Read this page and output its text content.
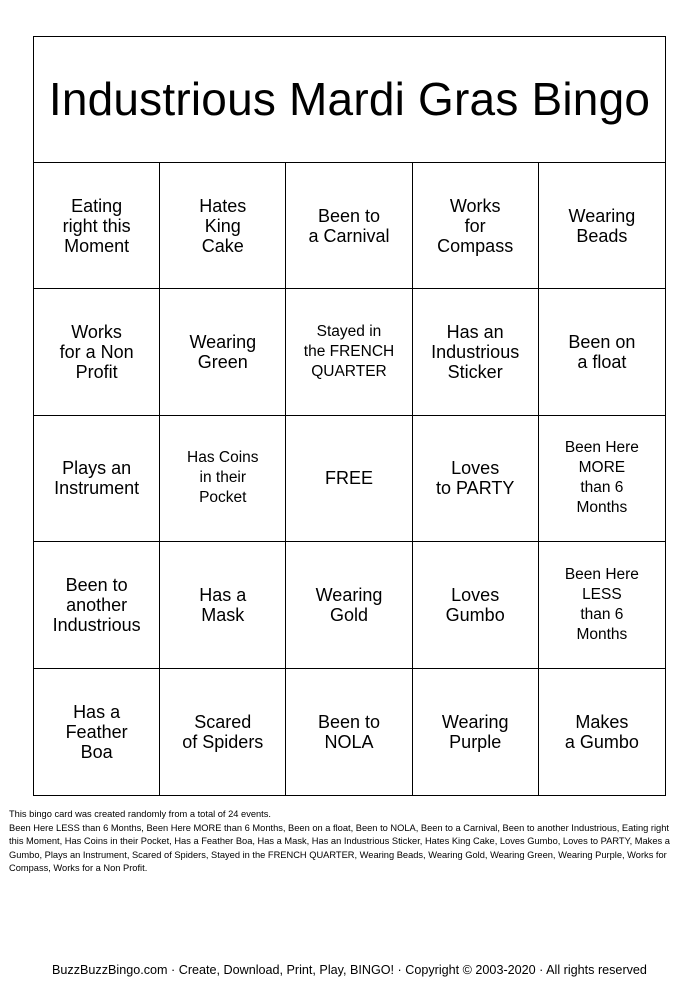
Industrious Mardi Gras Bingo
Eating
right this
Moment
Hates
King
Cake
Been to
a Carnival
Works
for
Compass
Wearing
Beads
Works
for a Non
Profit
Wearing
Green
Stayed in
the FRENCH
QUARTER
Has an
Industrious
Sticker
Been on
a float
Plays an
Instrument
Has Coins
in their
Pocket
FREE	Loves
to PARTY
Been Here
MORE
than 6
Months
Been to
another
Industrious
Has a
Mask
Wearing
Gold
Loves
Gumbo
Been Here
LESS
than 6
Months
Has a
Feather
Boa
Scared
of Spiders
Been to
NOLA
Wearing
Purple
Makes
a Gumbo

This bingo card was created randomly from a total of 24 events.

Been Here LESS than 6 Months, Been Here MORE than 6 Months, Been on a float, Been to NOLA, Been to a Carnival, Been to another Industrious, Eating right this Moment, Has Coins in their Pocket, Has a Feather Boa, Has a Mask, Has an Industrious Sticker, Hates King Cake, Loves Gumbo, Loves to PARTY, Makes a Gumbo, Plays an Instrument, Scared of Spiders, Stayed in the FRENCH QUARTER, Wearing Beads, Wearing Gold, Wearing Green, Wearing Purple, Works for Compass, Works for a Non Profit.

BuzzBuzzBingo.com · Create, Download, Print, Play, BINGO! · Copyright © 2003-2020 · All rights reserved
